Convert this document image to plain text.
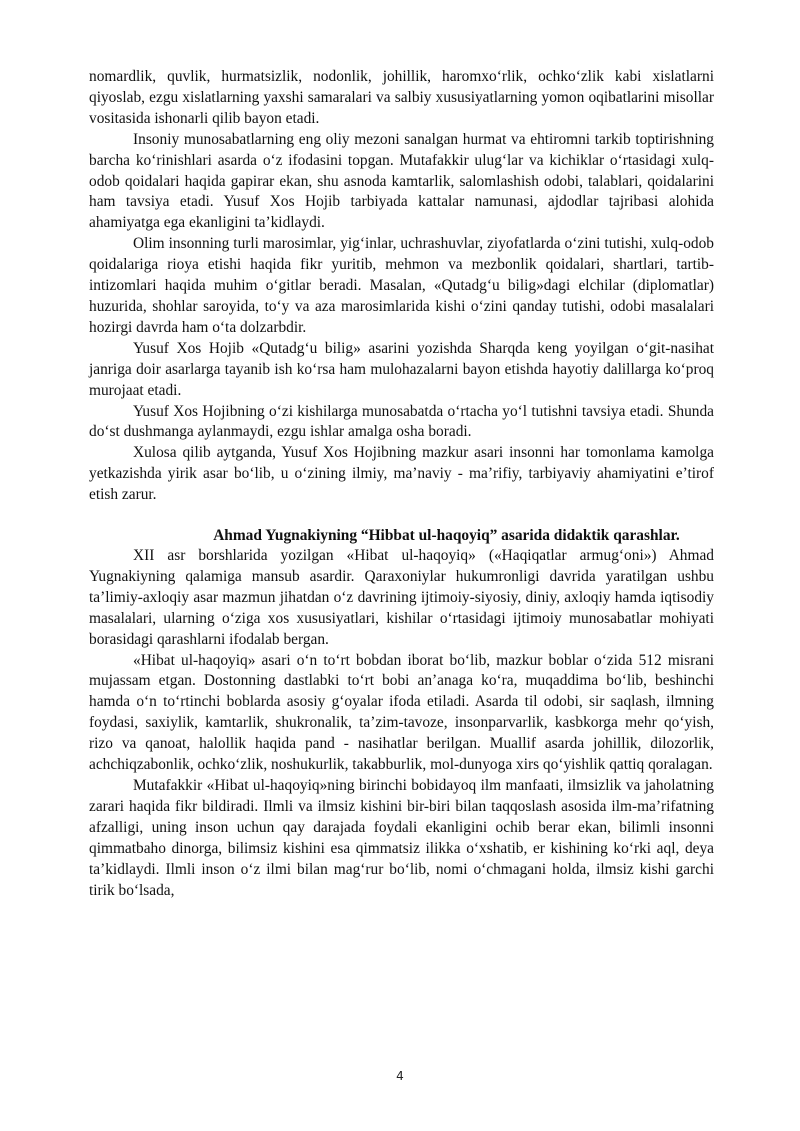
nomardlik, quvlik, hurmatsizlik, nodonlik, johillik, haromxo‘rlik, ochko‘zlik kabi xislatlarni qiyoslab, ezgu xislatlarning yaxshi samaralari va salbiy xususiyatlarning yomon oqibatlarini misollar vositasida ishonarli qilib bayon etadi.

Insoniy munosabatlarning eng oliy mezoni sanalgan hurmat va ehtiromni tarkib toptirishning barcha ko‘rinishlari asarda o‘z ifodasini topgan. Mutafakkir ulug‘lar va kichiklar o‘rtasidagi xulq-odob qoidalari haqida gapirar ekan, shu asnoda kamtarlik, salomlashish odobi, talablari, qoidalarini ham tavsiya etadi. Yusuf Xos Hojib tarbiyada kattalar namunasi, ajdodlar tajribasi alohida ahamiyatga ega ekanligini ta’kidlaydi.

Olim insonning turli marosimlar, yig‘inlar, uchrashuvlar, ziyofatlarda o‘zini tutishi, xulq-odob qoidalariga rioya etishi haqida fikr yuritib, mehmon va mezbonlik qoidalari, shartlari, tartib-intizomlari haqida muhim o‘gitlar beradi. Masalan, «Qutadg‘u bilig»dagi elchilar (diplomatlar) huzurida, shohlar saroyida, to‘y va aza marosimlarida kishi o‘zini qanday tutishi, odobi masalalari hozirgi davrda ham o‘ta dolzarbdir.

Yusuf Xos Hojib «Qutadg‘u bilig» asarini yozishda Sharqda keng yoyilgan o‘git-nasihat janriga doir asarlarga tayanib ish ko‘rsa ham mulohazalarni bayon etishda hayotiy dalillarga ko‘proq murojaat etadi.

Yusuf Xos Hojibning o‘zi kishilarga munosabatda o‘rtacha yo‘l tutishni tavsiya etadi. Shunda do‘st dushmanga aylanmaydi, ezgu ishlar amalga osha boradi.

Xulosa qilib aytganda, Yusuf Xos Hojibning mazkur asari insonni har tomonlama kamolga yetkazishda yirik asar bo‘lib, u o‘zining ilmiy, ma’naviy - ma’rifiy, tarbiyaviy ahamiyatini e’tirof etish zarur.

Ahmad Yugnakiyning “Hibbat ul-haqoyiq” asarida didaktik qarashlar.

XII asr borshlarida yozilgan «Hibat ul-haqoyiq» («Haqiqatlar armug‘oni») Ahmad Yugnakiyning qalamiga mansub asardir. Qaraxoniylar hukumronligi davrida yaratilgan ushbu ta’limiy-axloqiy asar mazmun jihatdan o‘z davrining ijtimoiy-siyosiy, diniy, axloqiy hamda iqtisodiy masalalari, ularning o‘ziga xos xususiyatlari, kishilar o‘rtasidagi ijtimoiy munosabatlar mohiyati borasidagi qarashlarni ifodalab bergan.

«Hibat ul-haqoyiq» asari o‘n to‘rt bobdan iborat bo‘lib, mazkur boblar o‘zida 512 misrani mujassam etgan. Dostonning dastlabki to‘rt bobi an’anaga ko‘ra, muqaddima bo‘lib, beshinchi hamda o‘n to‘rtinchi boblarda asosiy g‘oyalar ifoda etiladi. Asarda til odobi, sir saqlash, ilmning foydasi, saxiylik, kamtarlik, shukronalik, ta’zim-tavoze, insonparvarlik, kasbkorga mehr qo‘yish, rizo va qanoat, halollik haqida pand - nasihatlar berilgan. Muallif asarda johillik, dilozorlik, achchiqzabonlik, ochko‘zlik, noshukurlik, takabburlik, mol-dunyoga xirs qo‘yishlik qattiq qoralagan.

Mutafakkir «Hibat ul-haqoyiq»ning birinchi bobidayoq ilm manfaati, ilmsizlik va jaholatning zarari haqida fikr bildiradi. Ilmli va ilmsiz kishini bir-biri bilan taqqoslash asosida ilm-ma’rifatning afzalligi, uning inson uchun qay darajada foydali ekanligini ochib berar ekan, bilimli insonni qimmatbaho dinorga, bilimsiz kishini esa qimmatsiz ilikka o‘xshatib, er kishining ko‘rki aql, deya ta’kidlaydi. Ilmli inson o‘z ilmi bilan mag‘rur bo‘lib, nomi o‘chmagani holda, ilmsiz kishi garchi tirik bo‘lsada,

4
